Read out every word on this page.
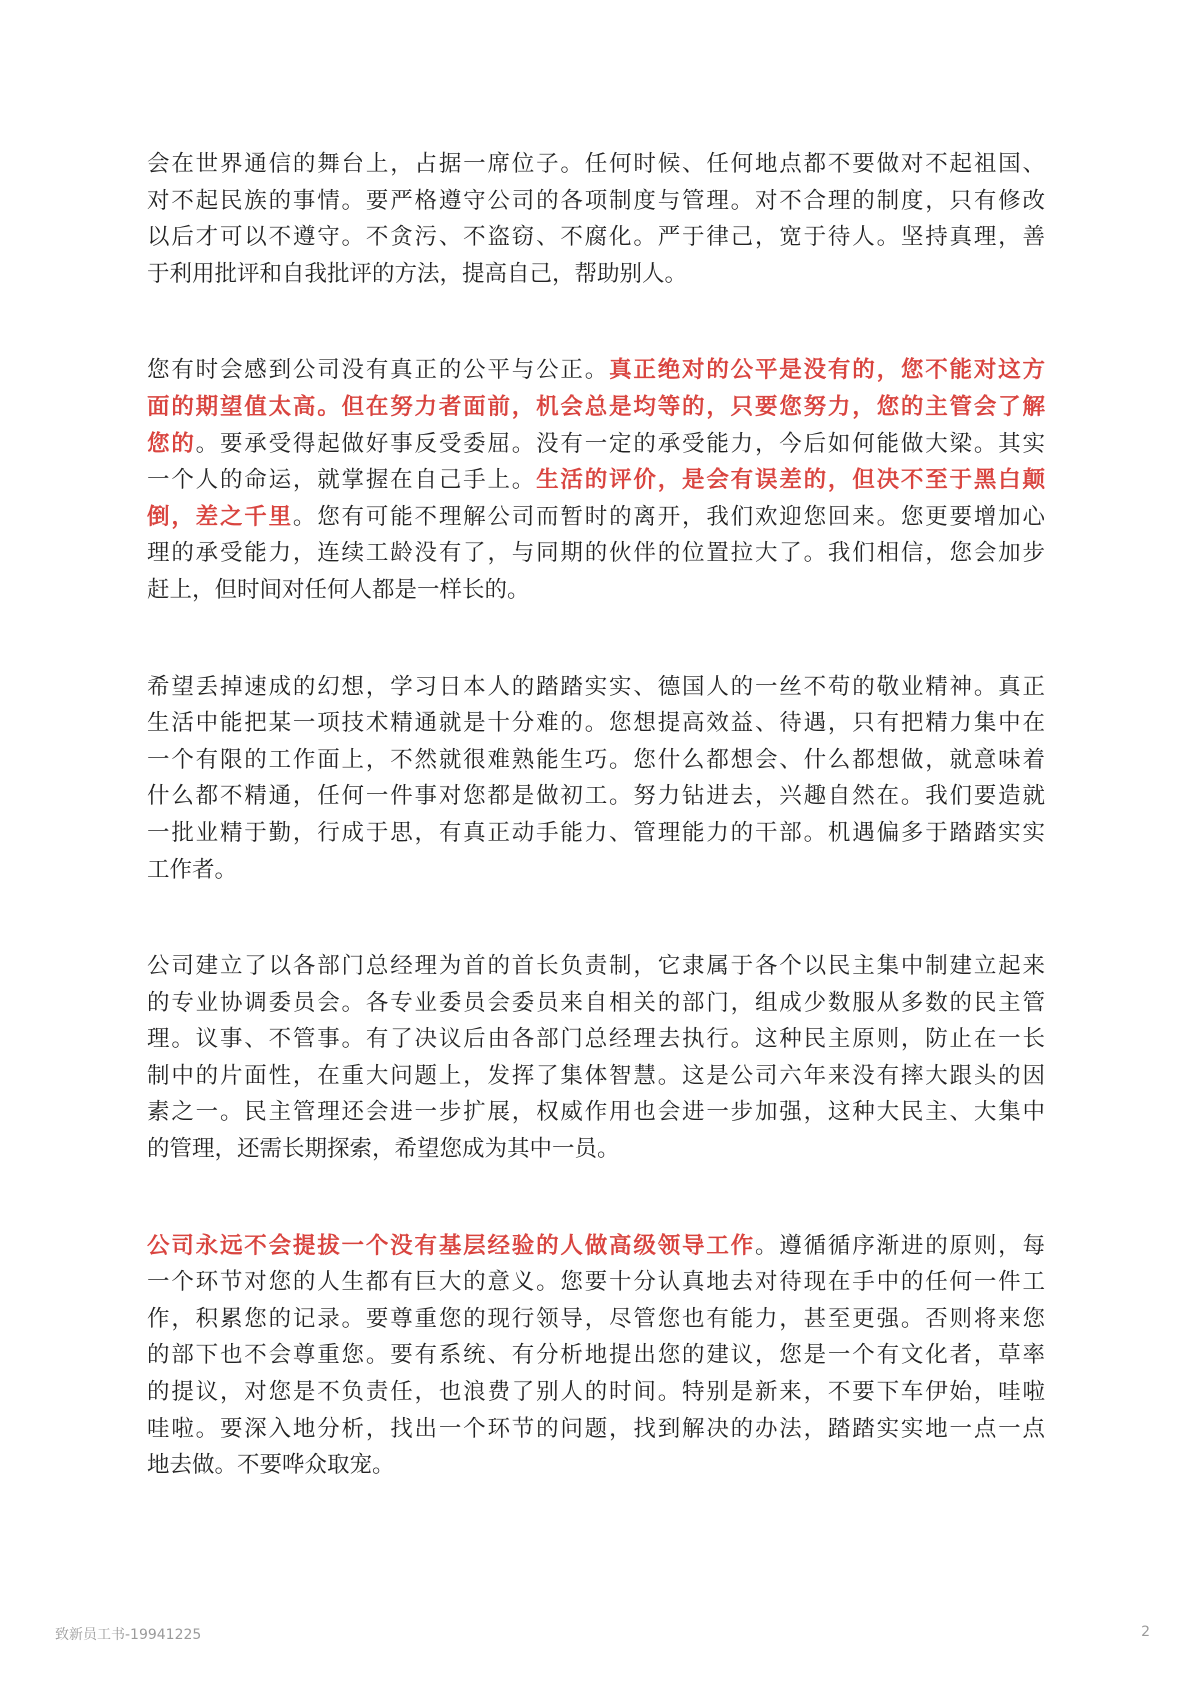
会在世界通信的舞台上，占据一席位子。任何时候、任何地点都不要做对不起祖国、
对不起民族的事情。要严格遵守公司的各项制度与管理。对不合理的制度，只有修改
以后才可以不遵守。不贪污、不盗窃、不腐化。严于律己，宽于待人。坚持真理，善
于利用批评和自我批评的方法，提高自己，帮助别人。
您有时会感到公司没有真正的公平与公正。真正绝对的公平是没有的，您不能对这方
面的期望值太高。但在努力者面前，机会总是均等的，只要您努力，您的主管会了解
您的。要承受得起做好事反受委屈。没有一定的承受能力，今后如何能做大梁。其实
一个人的命运，就掌握在自己手上。生活的评价，是会有误差的，但决不至于黑白颠
倒，差之千里。您有可能不理解公司而暂时的离开，我们欢迎您回来。您更要增加心
理的承受能力，连续工龄没有了，与同期的伙伴的位置拉大了。我们相信，您会加步
赶上，但时间对任何人都是一样长的。
希望丢掉速成的幻想，学习日本人的踏踏实实、德国人的一丝不苟的敬业精神。真正
生活中能把某一项技术精通就是十分难的。您想提高效益、待遇，只有把精力集中在
一个有限的工作面上，不然就很难熟能生巧。您什么都想会、什么都想做，就意味着
什么都不精通，任何一件事对您都是做初工。努力钻进去，兴趣自然在。我们要造就
一批业精于勤，行成于思，有真正动手能力、管理能力的干部。机遇偏多于踏踏实实
工作者。
公司建立了以各部门总经理为首的首长负责制，它隶属于各个以民主集中制建立起来
的专业协调委员会。各专业委员会委员来自相关的部门，组成少数服从多数的民主管
理。议事、不管事。有了决议后由各部门总经理去执行。这种民主原则，防止在一长
制中的片面性，在重大问题上，发挥了集体智慧。这是公司六年来没有摔大跟头的因
素之一。民主管理还会进一步扩展，权威作用也会进一步加强，这种大民主、大集中
的管理，还需长期探索，希望您成为其中一员。
公司永远不会提拔一个没有基层经验的人做高级领导工作。遵循循序渐进的原则，每
一个环节对您的人生都有巨大的意义。您要十分认真地去对待现在手中的任何一件工
作，积累您的记录。要尊重您的现行领导，尽管您也有能力，甚至更强。否则将来您
的部下也不会尊重您。要有系统、有分析地提出您的建议，您是一个有文化者，草率
的提议，对您是不负责任，也浪费了别人的时间。特别是新来，不要下车伊始，哇啦
哇啦。要深入地分析，找出一个环节的问题，找到解决的办法，踏踏实实地一点一点
地去做。不要哗众取宠。
致新员工书-19941225	2
